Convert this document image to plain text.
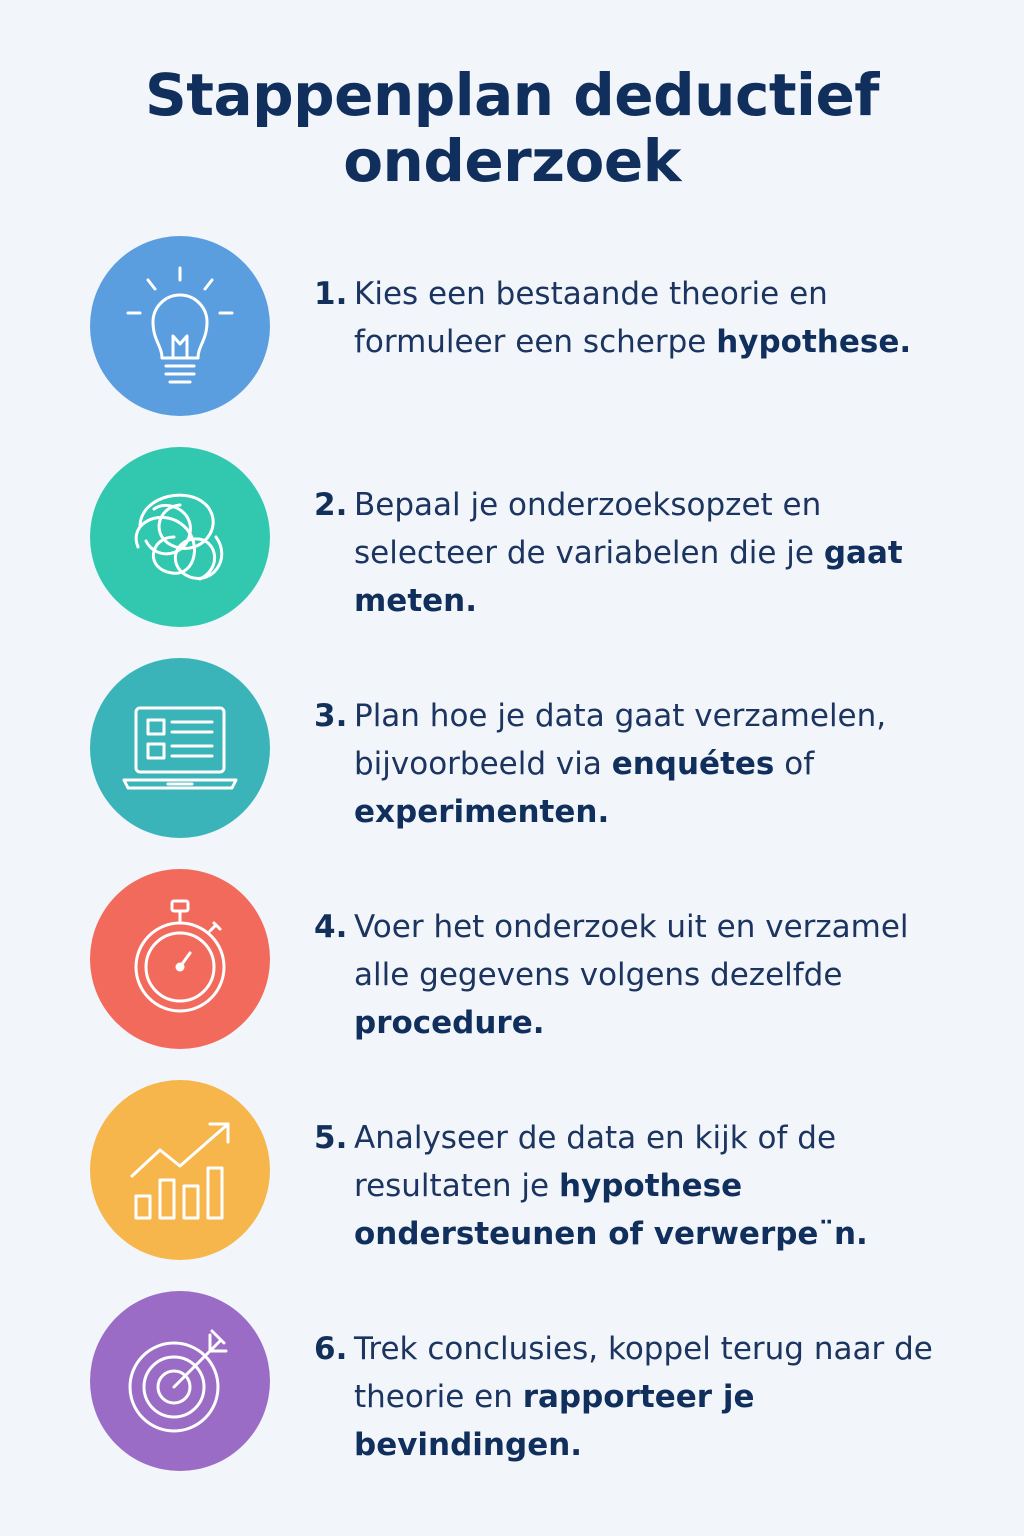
Stappenplan deductief
onderzoek
1. Kies een bestaande theorie en formuleer een scherpe hypothese.
2. Bepaal je onderzoeksopzet en selecteer de variabelen die je gaat meten.
3. Plan hoe je data gaat verzamelen, bijvoorbeeld via enquétes of experimenten.
4. Voer het onderzoek uit en verzamel alle gegevens volgens dezelfde procedure.
5. Analyseer de data en kijk of de resultaten je hypothese ondersteunen of verwerpe¨n.
6. Trek conclusies, koppel terug naar de theorie en rapporteer je bevindingen.
